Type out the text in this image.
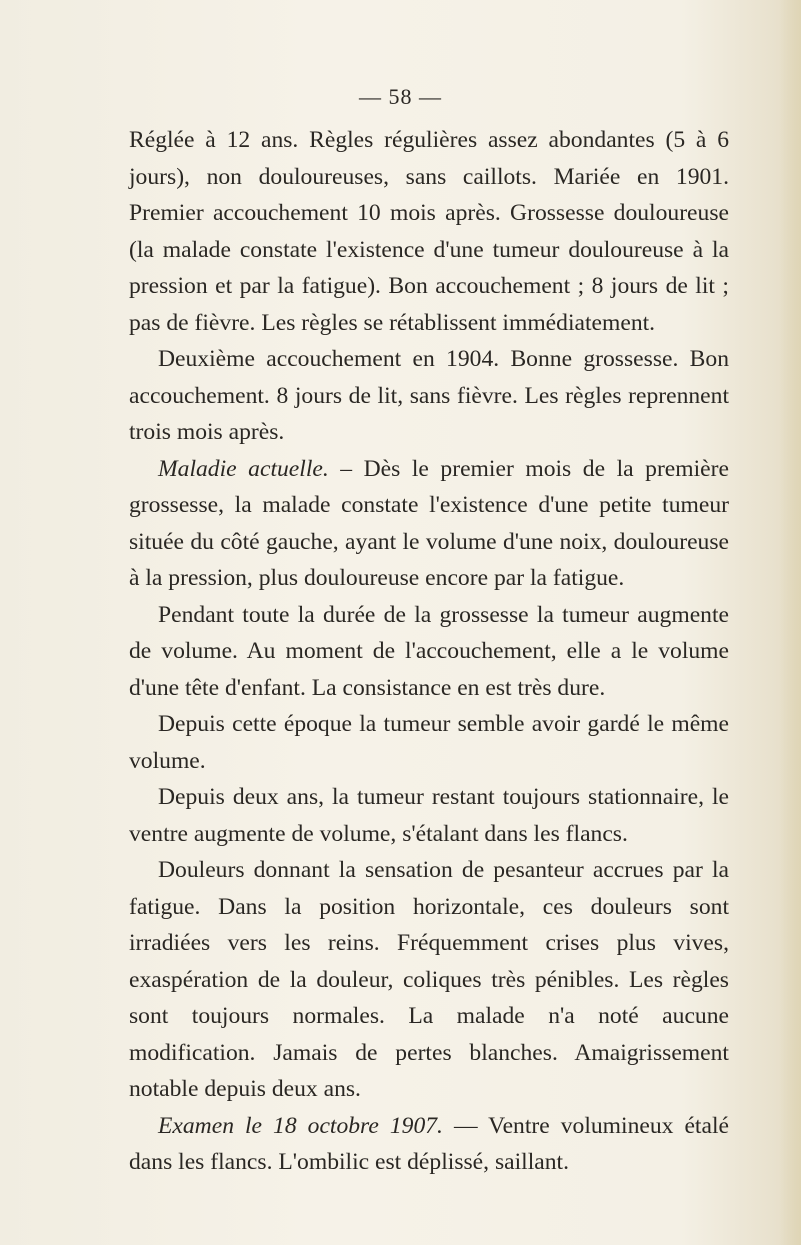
— 58 —

Réglée à 12 ans. Règles régulières assez abondantes (5 à 6 jours), non douloureuses, sans caillots. Mariée en 1901. Premier accouchement 10 mois après. Grossesse douloureuse (la malade constate l'existence d'une tumeur douloureuse à la pression et par la fatigue). Bon accouchement ; 8 jours de lit ; pas de fièvre. Les règles se rétablissent immédiatement.

Deuxième accouchement en 1904. Bonne grossesse. Bon accouchement. 8 jours de lit, sans fièvre. Les règles reprennent trois mois après.

Maladie actuelle. – Dès le premier mois de la première grossesse, la malade constate l'existence d'une petite tumeur située du côté gauche, ayant le volume d'une noix, douloureuse à la pression, plus douloureuse encore par la fatigue.

Pendant toute la durée de la grossesse la tumeur augmente de volume. Au moment de l'accouchement, elle a le volume d'une tête d'enfant. La consistance en est très dure.

Depuis cette époque la tumeur semble avoir gardé le même volume.

Depuis deux ans, la tumeur restant toujours stationnaire, le ventre augmente de volume, s'étalant dans les flancs.

Douleurs donnant la sensation de pesanteur accrues par la fatigue. Dans la position horizontale, ces douleurs sont irradiées vers les reins. Fréquemment crises plus vives, exaspération de la douleur, coliques très pénibles. Les règles sont toujours normales. La malade n'a noté aucune modification. Jamais de pertes blanches. Amaigrissement notable depuis deux ans.

Examen le 18 octobre 1907. — Ventre volumineux étalé dans les flancs. L'ombilic est déplissé, saillant.
